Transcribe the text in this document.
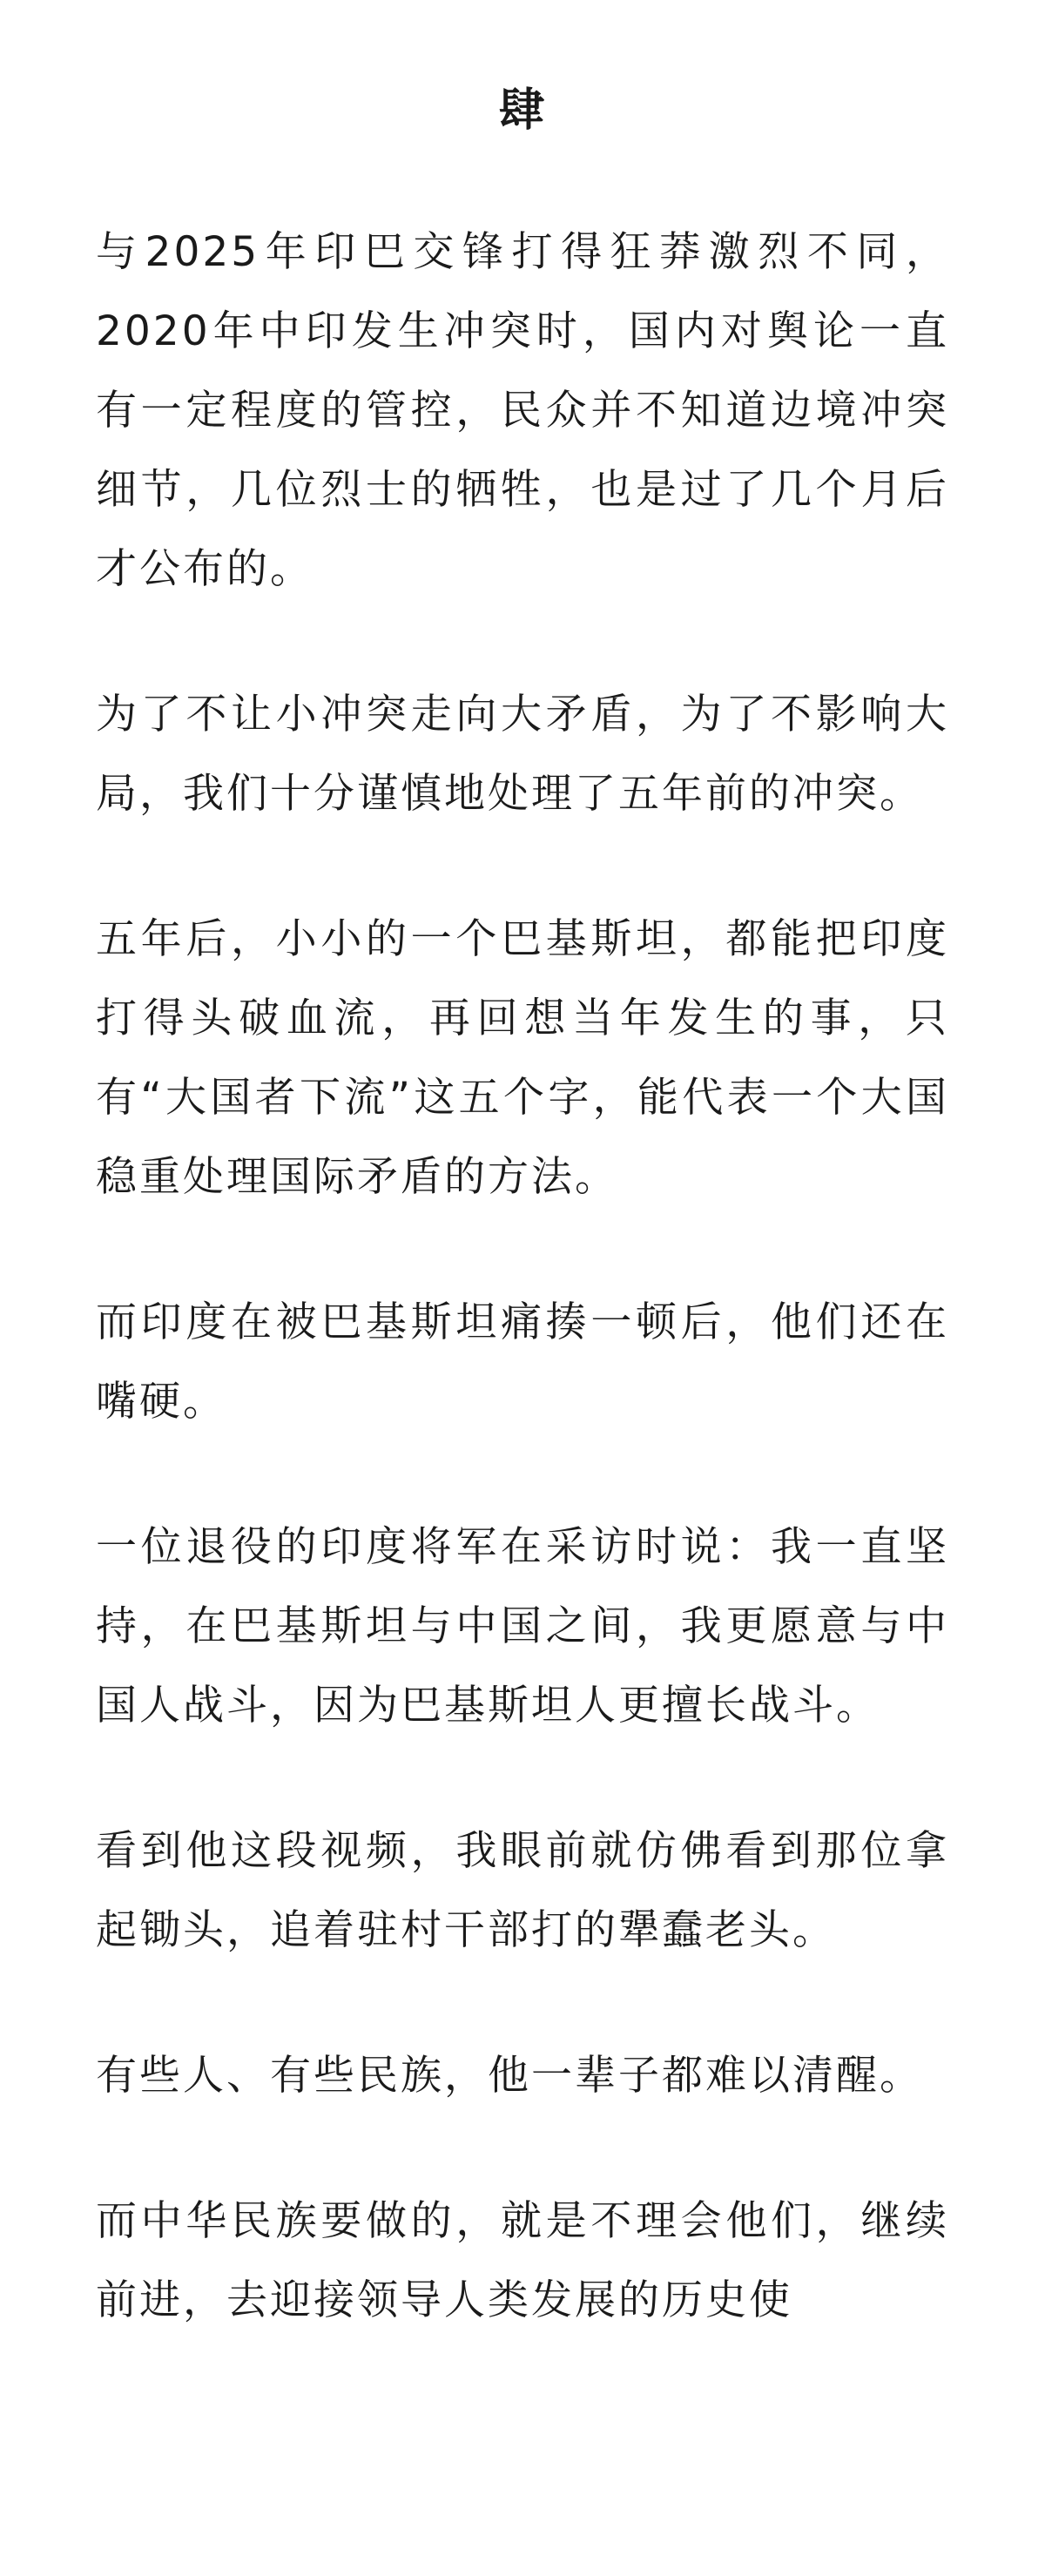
肆

与2025年印巴交锋打得狂莽激烈不同，2020年中印发生冲突时，国内对舆论一直有一定程度的管控，民众并不知道边境冲突细节，几位烈士的牺牲，也是过了几个月后才公布的。

为了不让小冲突走向大矛盾，为了不影响大局，我们十分谨慎地处理了五年前的冲突。

五年后，小小的一个巴基斯坦，都能把印度打得头破血流，再回想当年发生的事，只有“大国者下流”这五个字，能代表一个大国稳重处理国际矛盾的方法。

而印度在被巴基斯坦痛揍一顿后，他们还在嘴硬。

一位退役的印度将军在采访时说：我一直坚持，在巴基斯坦与中国之间，我更愿意与中国人战斗，因为巴基斯坦人更擅长战斗。

看到他这段视频，我眼前就仿佛看到那位拿起锄头，追着驻村干部打的犟蠢老头。

有些人、有些民族，他一辈子都难以清醒。

而中华民族要做的，就是不理会他们，继续前进，去迎接领导人类发展的历史使
